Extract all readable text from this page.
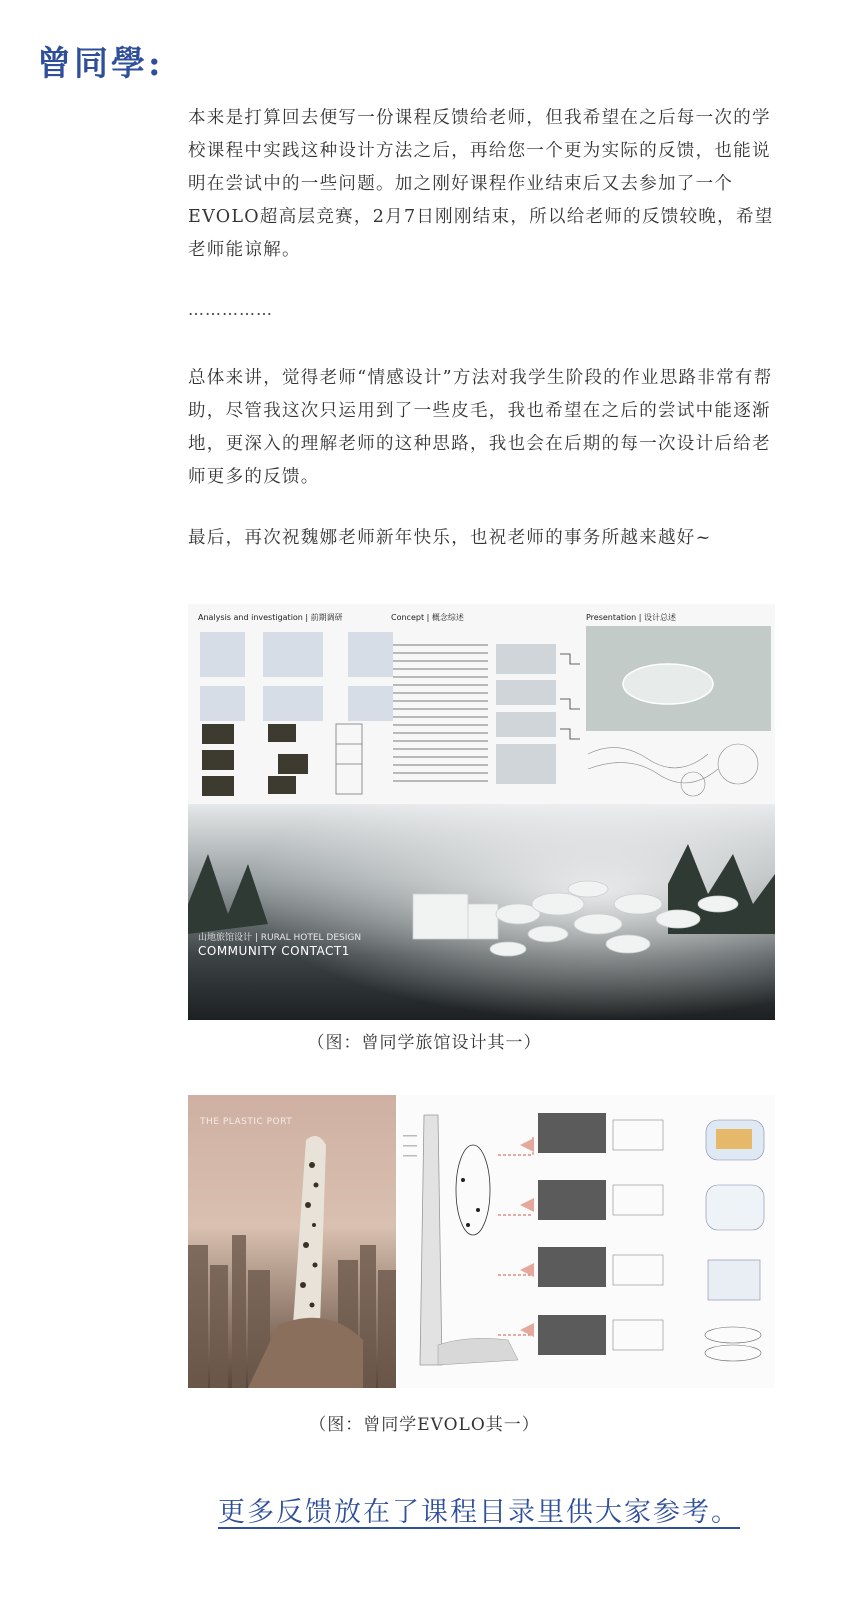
曾同學:

本来是打算回去便写一份课程反馈给老师，但我希望在之后每一次的学校课程中实践这种设计方法之后，再给您一个更为实际的反馈，也能说明在尝试中的一些问题。加之刚好课程作业结束后又去参加了一个EVOLO超高层竞赛，2月7日刚刚结束，所以给老师的反馈较晚，希望老师能谅解。

……………

总体来讲，觉得老师“情感设计”方法对我学生阶段的作业思路非常有帮助，尽管我这次只运用到了一些皮毛，我也希望在之后的尝试中能逐渐地，更深入的理解老师的这种思路，我也会在后期的每一次设计后给老师更多的反馈。

最后，再次祝魏娜老师新年快乐，也祝老师的事务所越来越好~

Analysis and investigation | 前期调研	Concept | 概念综述	Presentation | 设计总述
山地旅馆设计 | RURAL HOTEL DESIGN
COMMUNITY CONTACT1
（图：曾同学旅馆设计其一）
THE PLASTIC PORT
（图：曾同学EVOLO其一）
更多反馈放在了课程目录里供大家参考。
